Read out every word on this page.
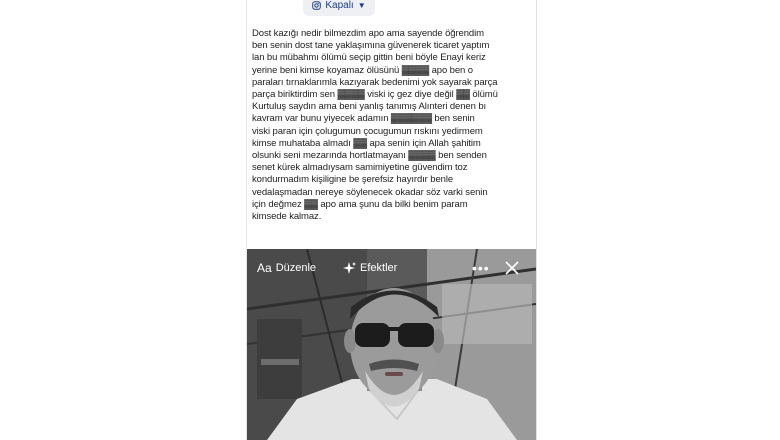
Kapalı ▼
Dost kazığı nedir bilmezdim apo ama sayende öğrendim
ben senin dost tane yaklaşımına güvenerek ticaret yaptım
lan bu mübahmı ölümü seçip gittin beni böyle Enayi keriz
yerine beni kimse koyamaz ölüsünü ▓▓▓▓ apo ben o
paraları tırnaklarımla kazıyarak bedenimi yok sayarak parça
parça biriktirdim sen ▓▓▓▓ viski iç gez diye değil ▓▓ ölümü
Kurtuluş saydın ama beni yanlış tanımış Alınteri denen bı
kavram var bunu yiyecek adamın ▓▓▓▓▓▓ ben senin
viski paran için çolugumun çocugumun rıskını yedirmem
kimse muhataba almadı ▓▓ apa senin için Allah şahitim
olsunki seni mezarında hortlatmayanı ▓▓▓▓ ben senden
senet kürek almadıysam samimiyetine güvendim toz
kondurmadım kişiligine be şerefsiz hayırdır benle
vedalaşmadan nereye söylenecek okadar söz varki senin
için değmez ▓▓ apo ama şunu da bilki benim param
kimsede kalmaz.
Aa Düzenle	Efektler	•••
